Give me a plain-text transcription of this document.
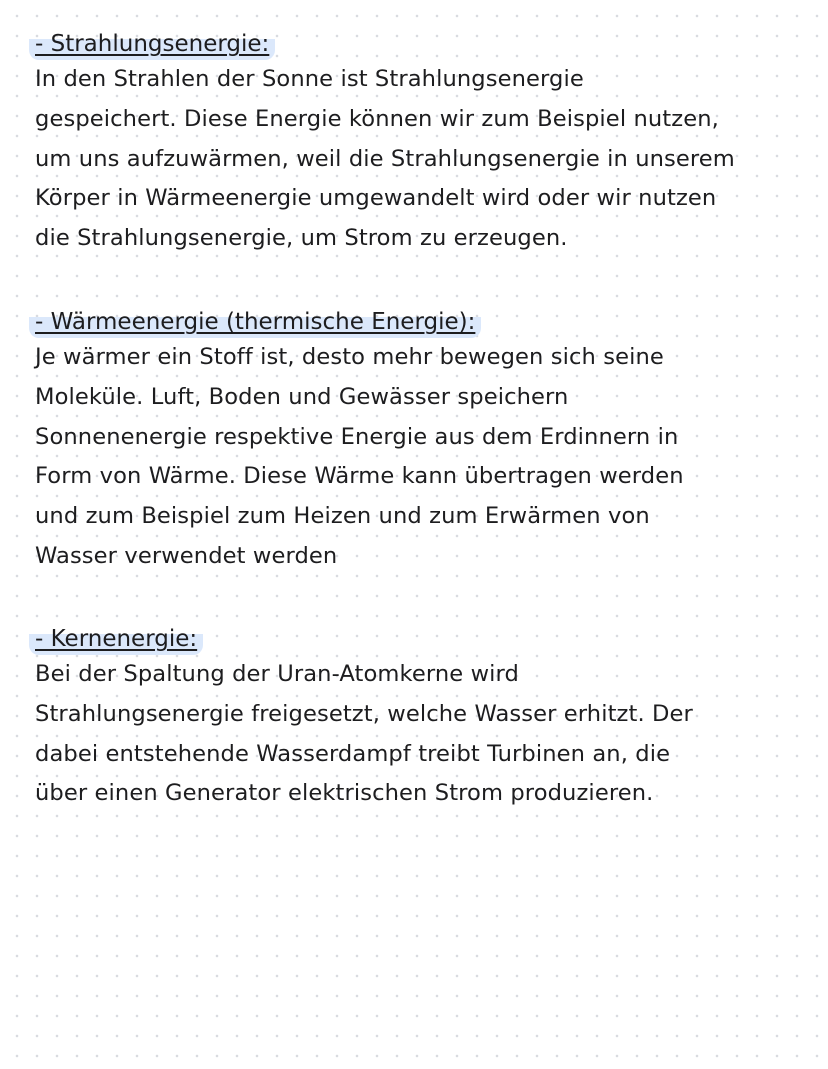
- Strahlungsenergie:
In den Strahlen der Sonne ist Strahlungsenergie
gespeichert. Diese Energie können wir zum Beispiel nutzen,
um uns aufzuwärmen, weil die Strahlungsenergie in unserem
Körper in Wärmeenergie umgewandelt wird oder wir nutzen
die Strahlungsenergie, um Strom zu erzeugen.
- Wärmeenergie (thermische Energie):
Je wärmer ein Stoff ist, desto mehr bewegen sich seine
Moleküle. Luft, Boden und Gewässer speichern
Sonnenenergie respektive Energie aus dem Erdinnern in
Form von Wärme. Diese Wärme kann übertragen werden
und zum Beispiel zum Heizen und zum Erwärmen von
Wasser verwendet werden
- Kernenergie:
Bei der Spaltung der Uran-Atomkerne wird
Strahlungsenergie freigesetzt, welche Wasser erhitzt. Der
dabei entstehende Wasserdampf treibt Turbinen an, die
über einen Generator elektrischen Strom produzieren.
